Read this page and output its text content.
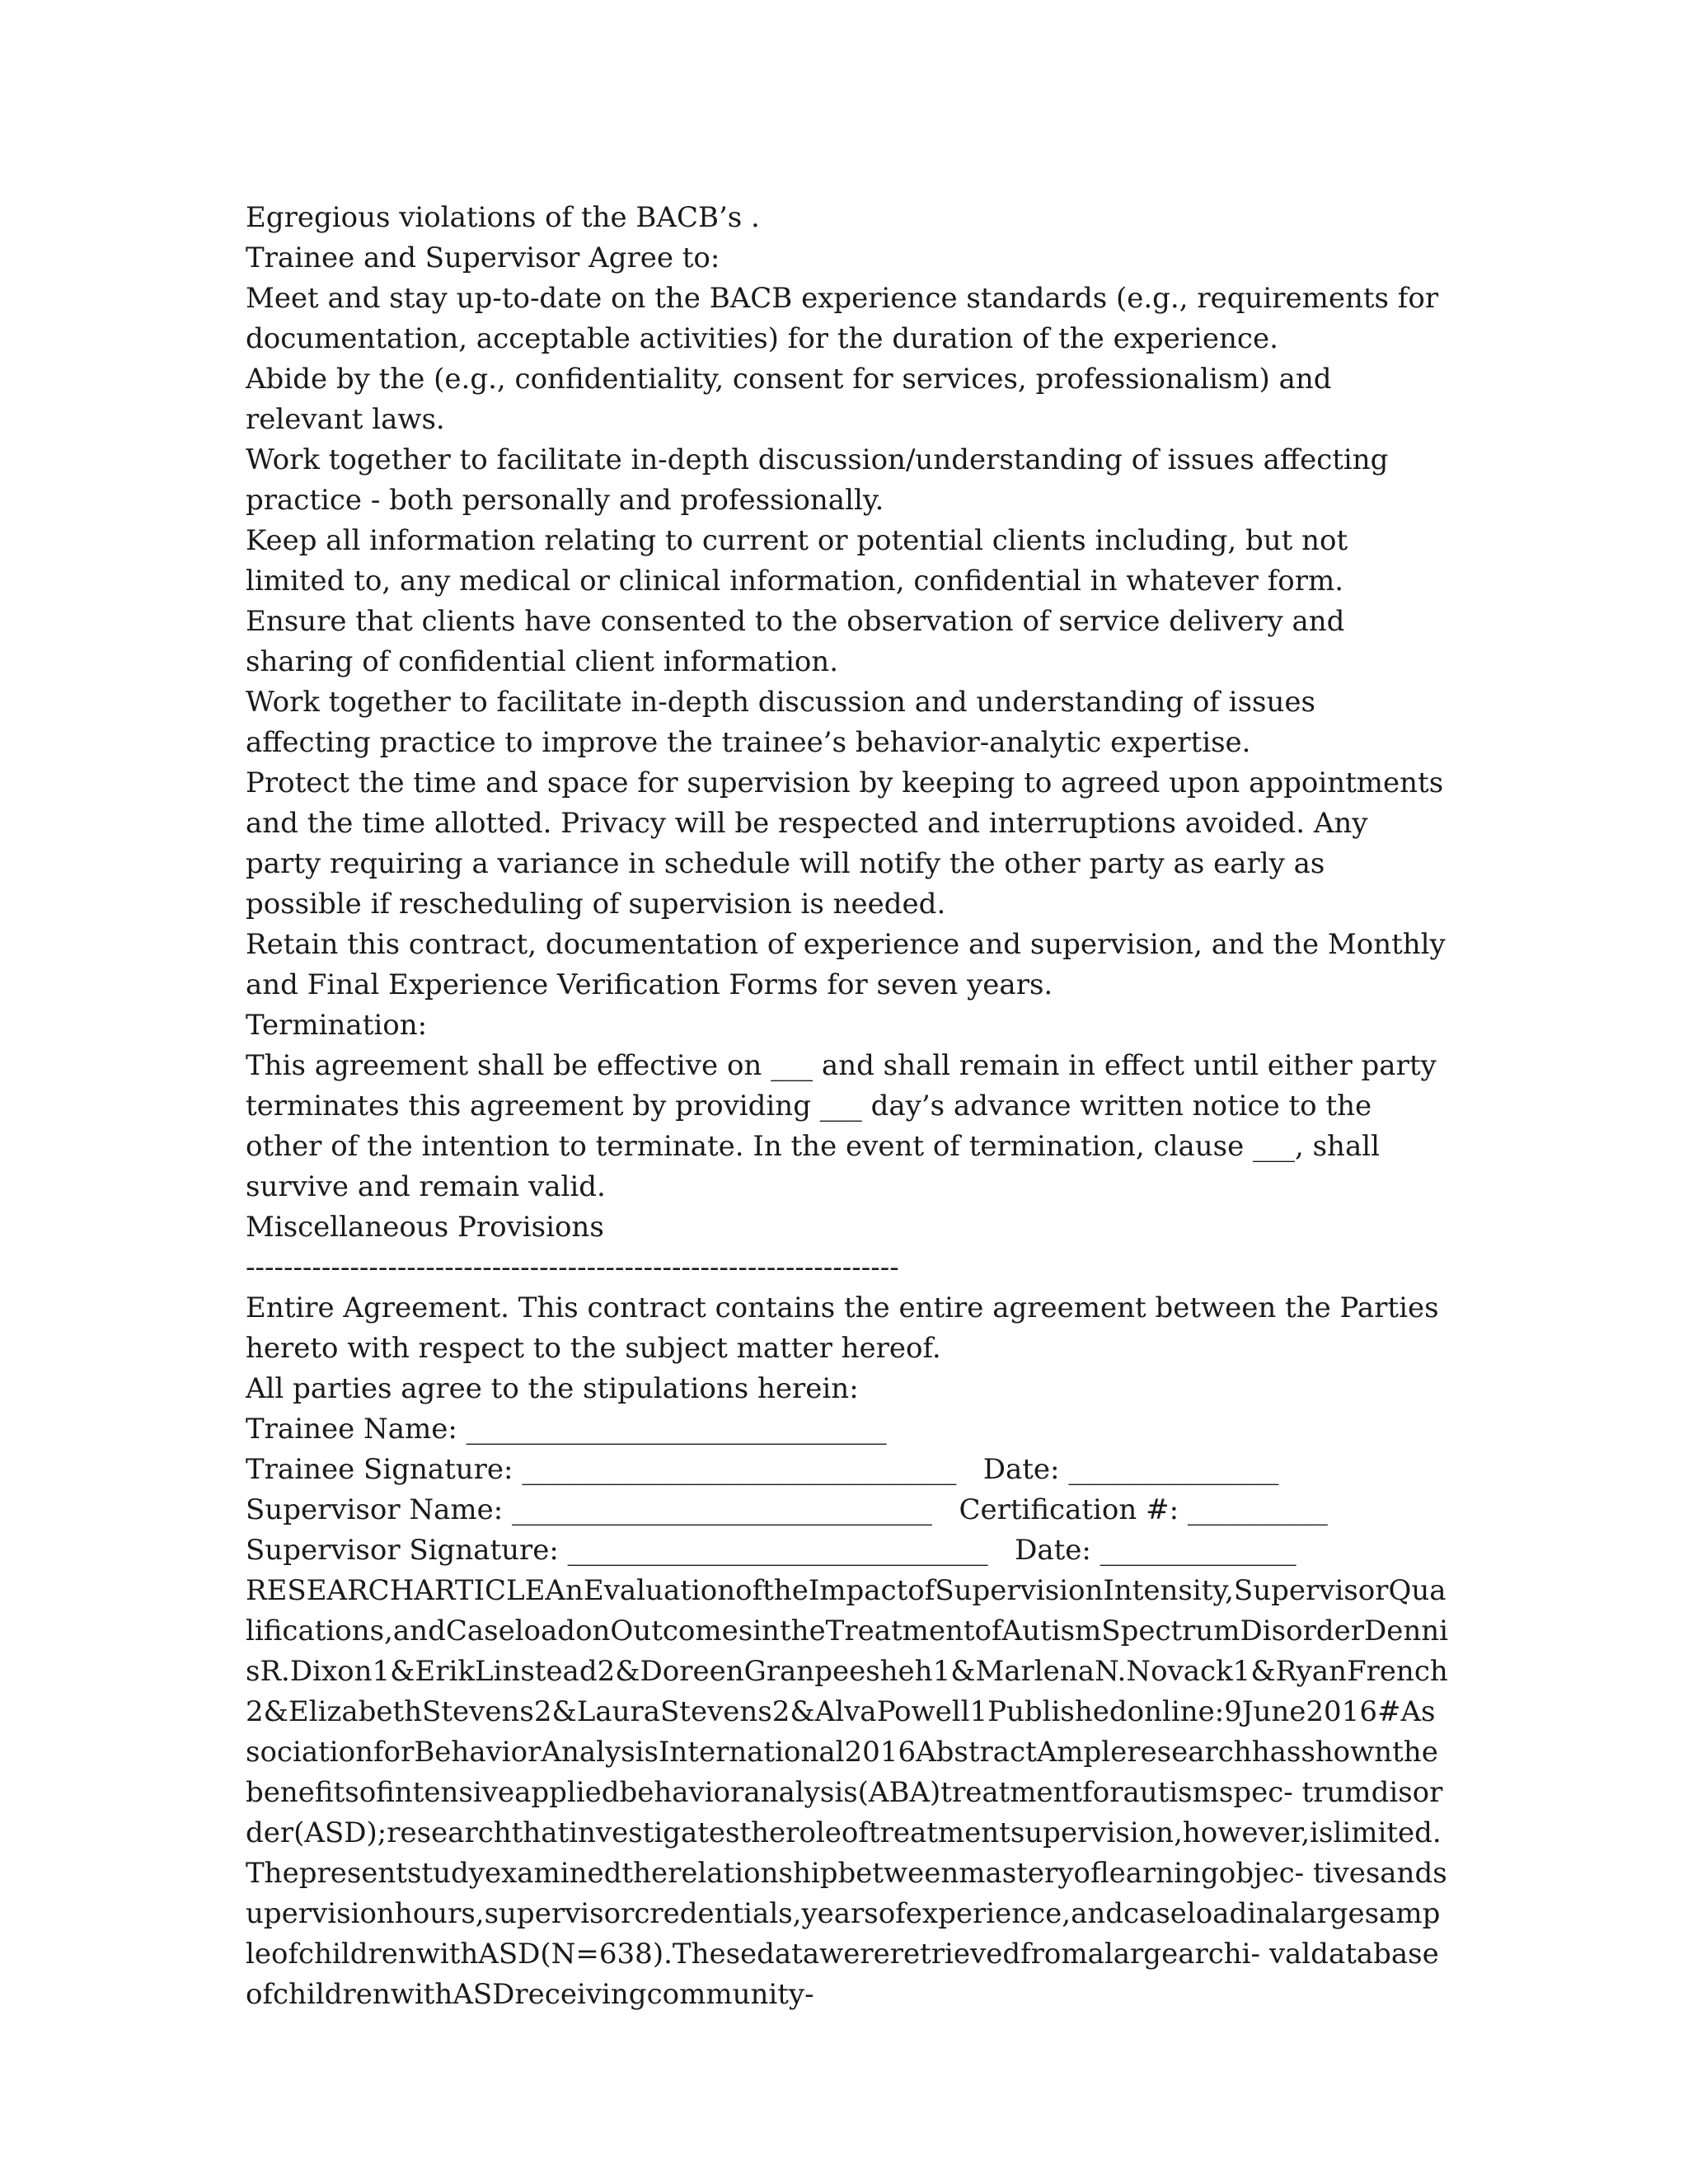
Egregious violations of the BACB’s .
Trainee and Supervisor Agree to:
Meet and stay up-to-date on the BACB experience standards (e.g., requirements for documentation, acceptable activities) for the duration of the experience.
Abide by the (e.g., confidentiality, consent for services, professionalism) and relevant laws.
Work together to facilitate in-depth discussion/understanding of issues affecting practice - both personally and professionally.
Keep all information relating to current or potential clients including, but not limited to, any medical or clinical information, confidential in whatever form.
Ensure that clients have consented to the observation of service delivery and sharing of confidential client information.
Work together to facilitate in-depth discussion and understanding of issues affecting practice to improve the trainee’s behavior-analytic expertise.
Protect the time and space for supervision by keeping to agreed upon appointments and the time allotted. Privacy will be respected and interruptions avoided. Any party requiring a variance in schedule will notify the other party as early as possible if rescheduling of supervision is needed.
Retain this contract, documentation of experience and supervision, and the Monthly and Final Experience Verification Forms for seven years.
Termination:
This agreement shall be effective on ___ and shall remain in effect until either party terminates this agreement by providing ___ day’s advance written notice to the other of the intention to terminate. In the event of termination, clause ___, shall survive and remain valid.
Miscellaneous Provisions
---------------------------------------------------------------------
Entire Agreement. This contract contains the entire agreement between the Parties hereto with respect to the subject matter hereof.
All parties agree to the stipulations herein:
Trainee Name: ______________________________
Trainee Signature: _______________________________   Date: _______________
Supervisor Name: ______________________________   Certification #: __________
Supervisor Signature: ______________________________   Date: ______________
RESEARCHARTICLEAnEvaluationoftheImpactofSupervisionIntensity,SupervisorQualifications,andCaseloadonOutcomesintheTreatmentofAutismSpectrumDisorderDennisR.Dixon1&ErikLinstead2&DoreenGranpeesheh1&MarlenaN.Novack1&RyanFrench2&ElizabethStevens2&LauraStevens2&AlvaPowell1Publishedonline:9June2016#AssociationforBehaviorAnalysisInternational2016AbstractAmpleresearchhasshownthebenefitsofintensiveappliedbehavioranalysis(ABA)treatmentforautismspec- trumdisorder(ASD);researchthatinvestigatestheroleoftreatmentsupervision,however,islimited.Thepresentstudyexaminedtherelationshipbetweenmasteryoflearningobjec- tivesandsupervisionhours,supervisorcredentials,yearsofexperience,andcaseloadinalargesampleofchildrenwithASD(N=638).Thesedatawereretrievedfromalargearchi- valdatabaseofchildrenwithASDreceivingcommunity-
